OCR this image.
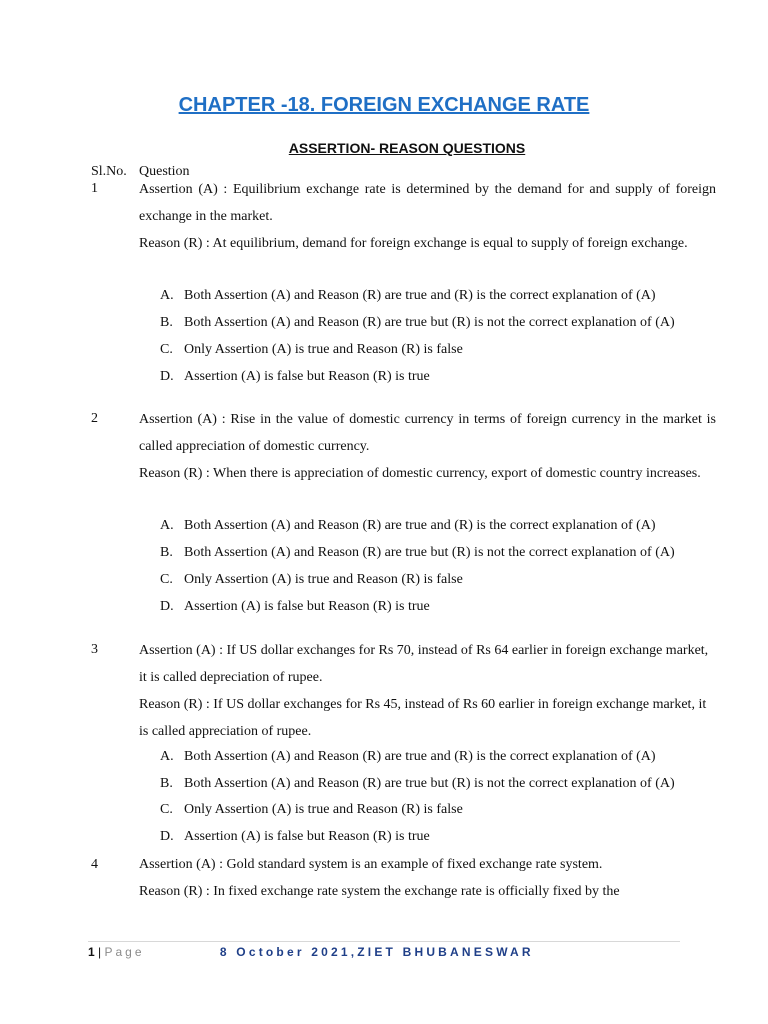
CHAPTER -18. FOREIGN EXCHANGE RATE
ASSERTION- REASON QUESTIONS
Sl.No. Question
1	Assertion (A) : Equilibrium exchange rate is determined by the demand for and supply of foreign exchange in the market.
Reason (R) : At equilibrium, demand for foreign exchange is equal to supply of foreign exchange.
A. Both Assertion (A) and Reason (R) are true and (R) is the correct explanation of (A)
B. Both Assertion (A) and Reason (R) are true but (R) is not the correct explanation of (A)
C. Only Assertion (A) is true and Reason (R) is false
D. Assertion (A) is false but Reason (R) is true
2	Assertion (A) : Rise in the value of domestic currency in terms of foreign currency in the market is called appreciation of domestic currency.
Reason (R) : When there is appreciation of domestic currency, export of domestic country increases.
A. Both Assertion (A) and Reason (R) are true and (R) is the correct explanation of (A)
B. Both Assertion (A) and Reason (R) are true but (R) is not the correct explanation of (A)
C. Only Assertion (A) is true and Reason (R) is false
D. Assertion (A) is false but Reason (R) is true
3	Assertion (A) : If US dollar exchanges for Rs 70, instead of Rs 64 earlier in foreign exchange market, it is called depreciation of rupee.
Reason (R) : If US dollar exchanges for Rs 45, instead of Rs 60 earlier in foreign exchange market, it is called appreciation of rupee.
A. Both Assertion (A) and Reason (R) are true and (R) is the correct explanation of (A)
B. Both Assertion (A) and Reason (R) are true but (R) is not the correct explanation of (A)
C. Only Assertion (A) is true and Reason (R) is false
D. Assertion (A) is false but Reason (R) is true
4	Assertion (A) : Gold standard system is an example of fixed exchange rate system.
Reason (R) : In fixed exchange rate system the exchange rate is officially fixed by the
1 | Page	8 October 2021,ZIET BHUBANESWAR
